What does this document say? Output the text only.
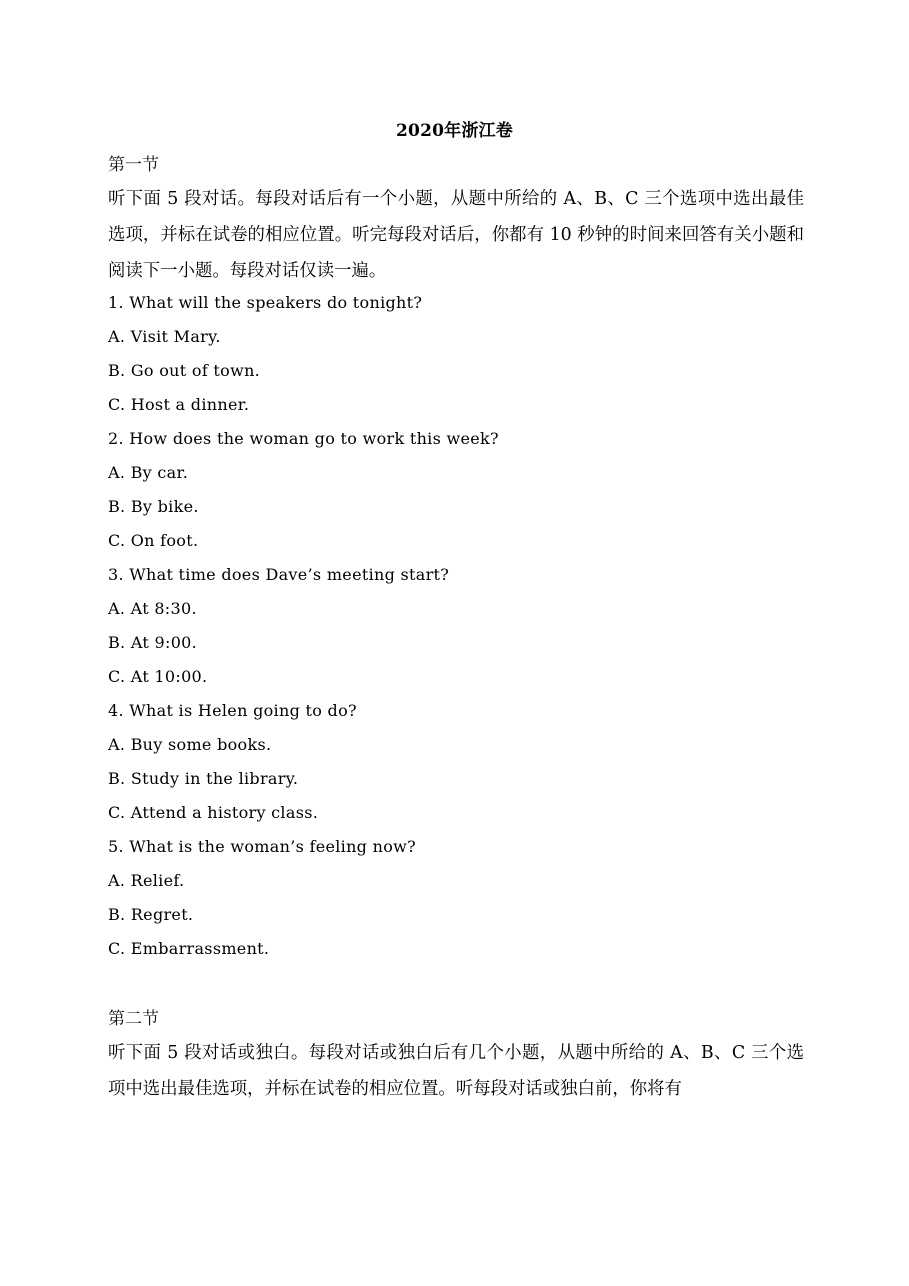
2020年浙江卷
第一节
听下面 5 段对话。每段对话后有一个小题，从题中所给的 A、B、C 三个选项中选出最佳选项，并标在试卷的相应位置。听完每段对话后，你都有 10 秒钟的时间来回答有关小题和阅读下一小题。每段对话仅读一遍。
1. What will the speakers do tonight?
A. Visit Mary.
B. Go out of town.
C. Host a dinner.
2. How does the woman go to work this week?
A. By car.
B. By bike.
C. On foot.
3. What time does Dave’s meeting start?
A. At 8:30.
B. At 9:00.
C. At 10:00.
4. What is Helen going to do?
A. Buy some books.
B. Study in the library.
C. Attend a history class.
5. What is the woman’s feeling now?
A. Relief.
B. Regret.
C. Embarrassment.
第二节
听下面 5 段对话或独白。每段对话或独白后有几个小题，从题中所给的 A、B、C 三个选项中选出最佳选项，并标在试卷的相应位置。听每段对话或独白前，你将有
